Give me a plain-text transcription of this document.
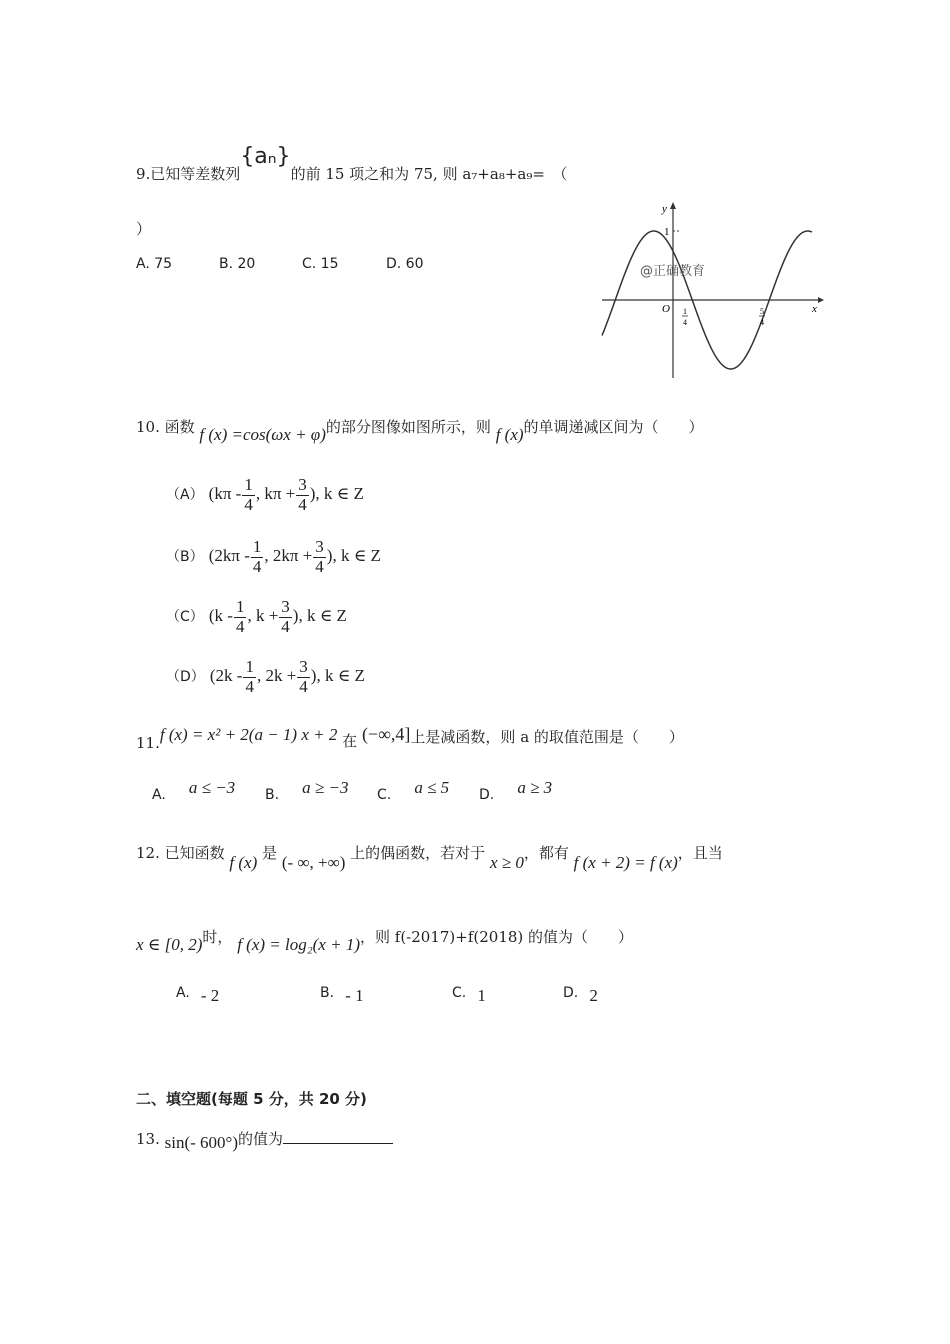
9.已知等差数列{aₙ}的前 15 项之和为 75, 则 a₇+a₈+a₉=　（
）
A. 75	B. 20	C. 15	D. 60
y
x
1
O 1
4
5
4
@正确教育
10. 函数 f (x) =cos(ωx + φ)的部分图像如图所示，则 f (x)的单调递减区间为（　　）
（A） ($k\pi - \frac{1}{4}$ , $k\pi + \frac{3}{4}$ ), k ∈ Z
（B） ($2k\pi - \frac{1}{4}$ , $2k\pi + \frac{3}{4}$ ), k ∈ Z
（C） ($k - \frac{1}{4}$ , $k + \frac{3}{4}$ ), k ∈ Z
（D） ($2k - \frac{1}{4}$ , $2k + \frac{3}{4}$ ), k ∈ Z
11.f (x) = x² + 2(a − 1) x + 2 在 (−∞,4]上是减函数，则 a 的取值范围是（　　）
A. a ≤ −3 B. a ≥ −3 C. a ≤ 5 D. a ≥ 3
12. 已知函数 f (x) 是 (- ∞, +∞) 上的偶函数，若对于 x ≥ 0，都有 f (x + 2) = f (x)，且当
x ∈ [0, 2)时， f (x) = log₂(x + 1)，则 f(-2017)+f(2018) 的值为（　　）
A. - 2	B. - 1	C. 1	D. 2
二、填空题(每题 5 分，共 20 分)
13. sin(- 600°)的值为
